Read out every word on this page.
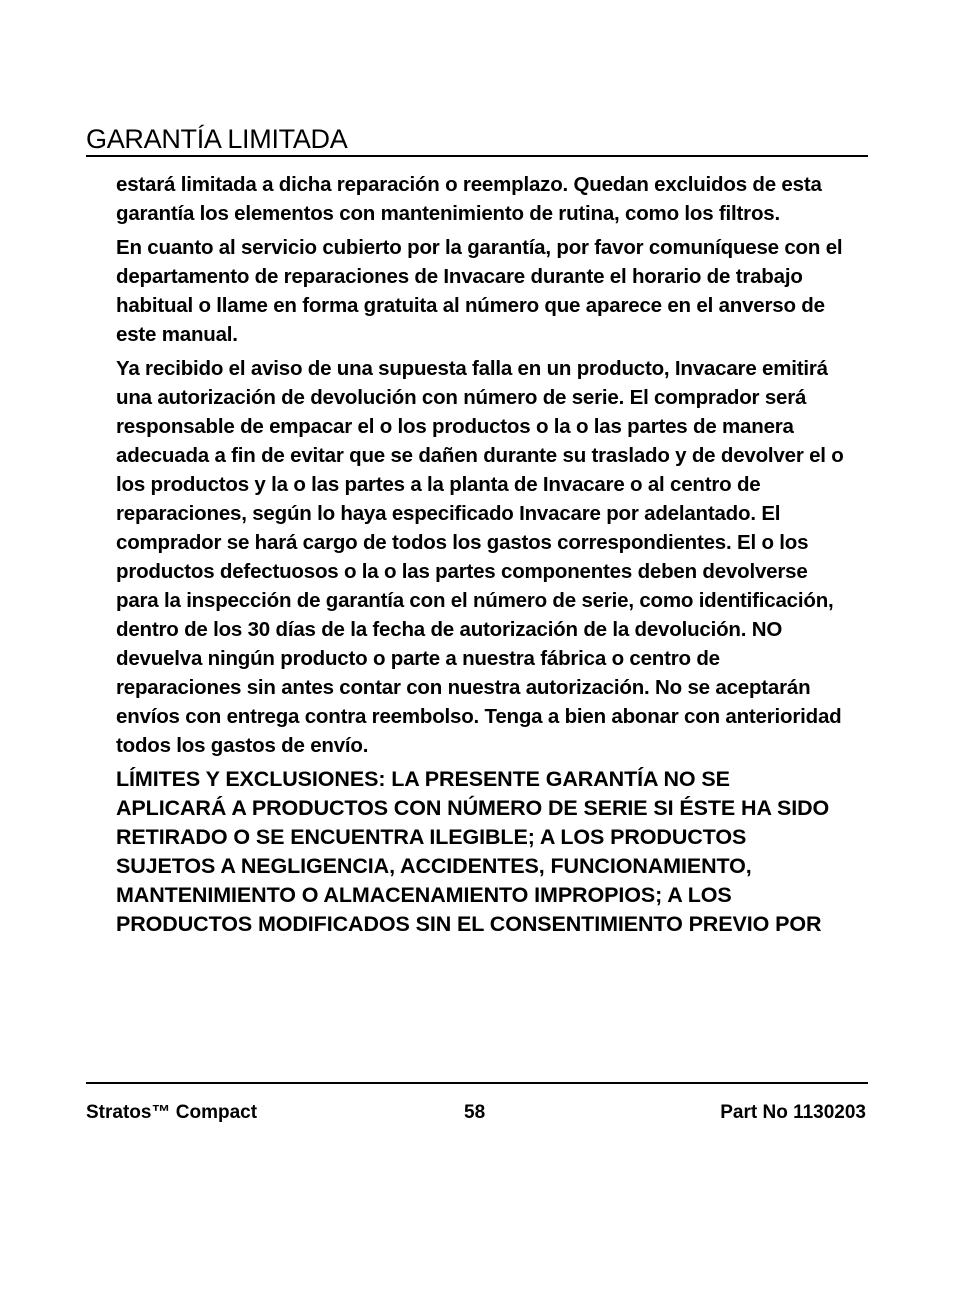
GARANTÍA LIMITADA

estará limitada a dicha reparación o reemplazo. Quedan excluidos de esta garantía los elementos con mantenimiento de rutina, como los filtros.

En cuanto al servicio cubierto por la garantía, por favor comuníquese con el departamento de reparaciones de Invacare durante el horario de trabajo habitual o llame en forma gratuita al número que aparece en el anverso de este manual.

Ya recibido el aviso de una supuesta falla en un producto, Invacare emitirá una autorización de devolución con número de serie. El comprador será responsable de empacar el o los productos o la o las partes de manera adecuada a fin de evitar que se dañen durante su traslado y de devolver el o los productos y la o las partes a la planta de Invacare o al centro de reparaciones, según lo haya especificado Invacare por adelantado. El comprador se hará cargo de todos los gastos correspondientes. El o los productos defectuosos o la o las partes componentes deben devolverse para la inspección de garantía con el número de serie, como identificación, dentro de los 30 días de la fecha de autorización de la devolución. NO devuelva ningún producto o parte a nuestra fábrica o centro de reparaciones sin antes contar con nuestra autorización. No se aceptarán envíos con entrega contra reembolso. Tenga a bien abonar con anterioridad todos los gastos de envío.

LÍMITES Y EXCLUSIONES: LA PRESENTE GARANTÍA NO SE APLICARÁ A PRODUCTOS CON NÚMERO DE SERIE SI ÉSTE HA SIDO RETIRADO O SE ENCUENTRA ILEGIBLE; A LOS PRODUCTOS SUJETOS A NEGLIGENCIA, ACCIDENTES, FUNCIONAMIENTO, MANTENIMIENTO O ALMACENAMIENTO IMPROPIOS; A LOS PRODUCTOS MODIFICADOS SIN EL CONSENTIMIENTO PREVIO POR

Stratos™ Compact	58	Part No 1130203
